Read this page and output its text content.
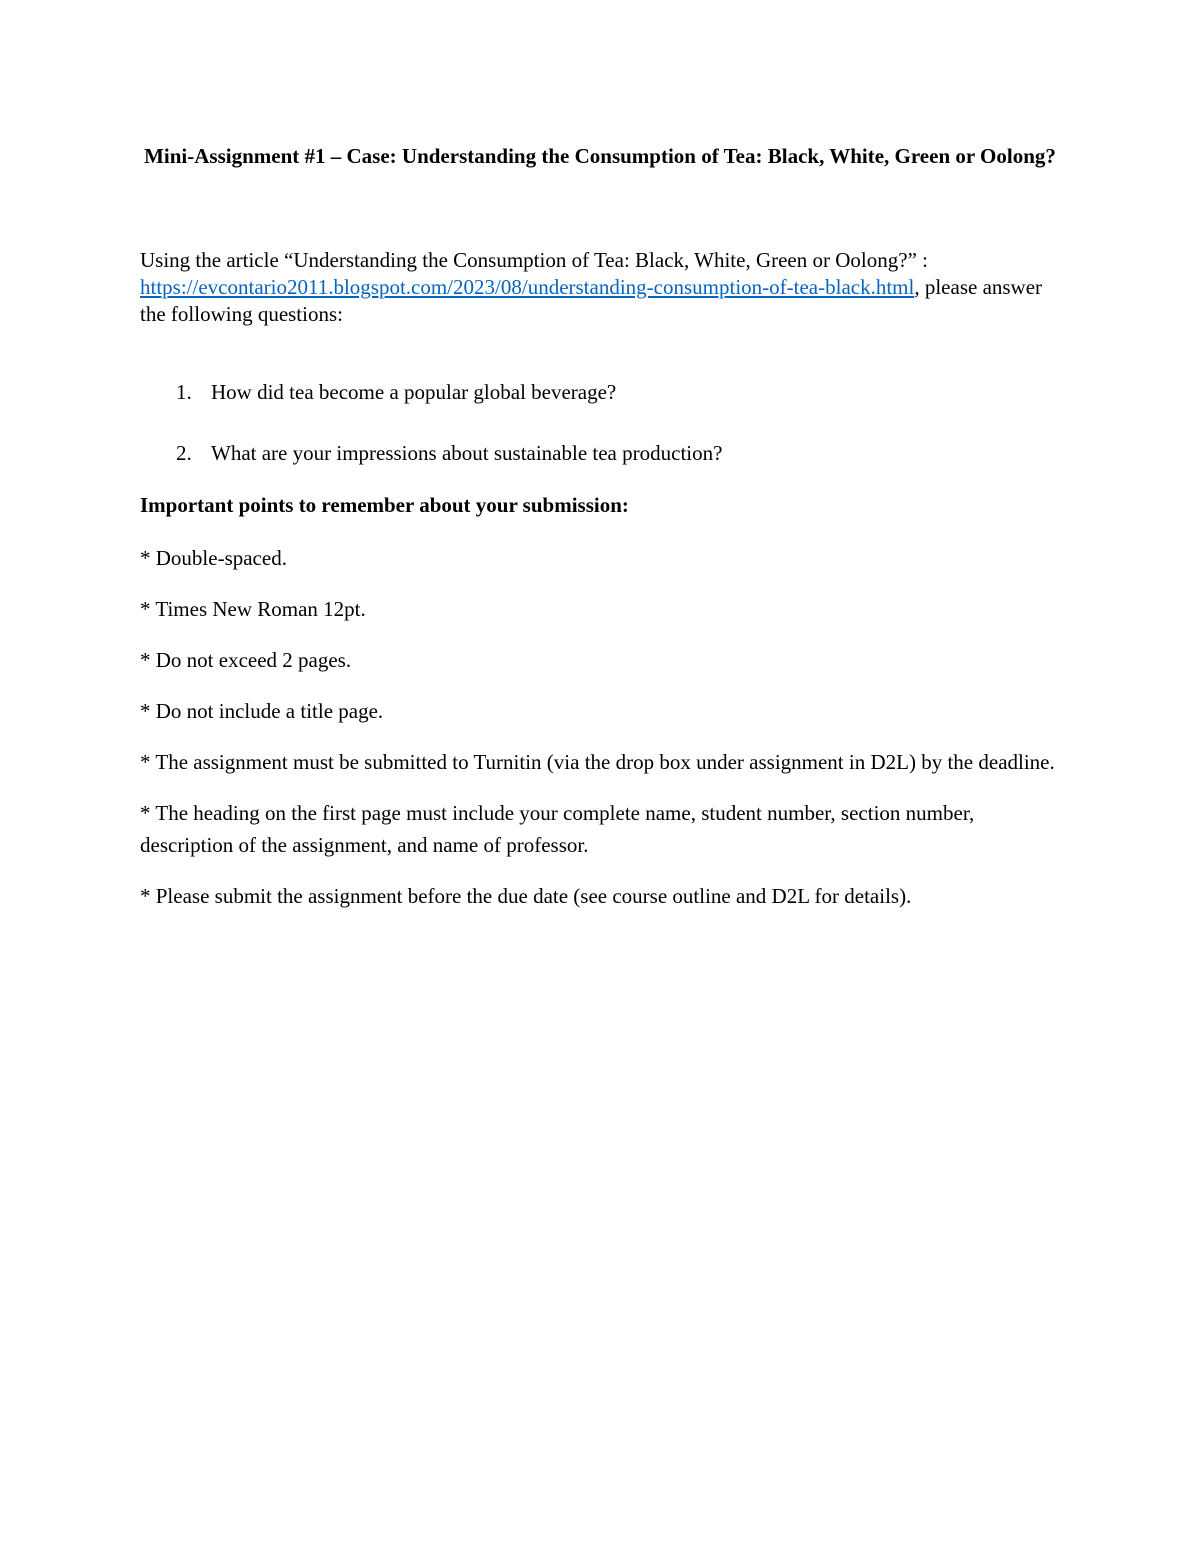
Mini-Assignment #1 – Case: Understanding the Consumption of Tea: Black, White, Green or Oolong?
Using the article “Understanding the Consumption of Tea: Black, White, Green or Oolong?” : https://evcontario2011.blogspot.com/2023/08/understanding-consumption-of-tea-black.html, please answer the following questions:
1. How did tea become a popular global beverage?
2. What are your impressions about sustainable tea production?
Important points to remember about your submission:
* Double-spaced.
* Times New Roman 12pt.
* Do not exceed 2 pages.
* Do not include a title page.
* The assignment must be submitted to Turnitin (via the drop box under assignment in D2L) by the deadline.
* The heading on the first page must include your complete name, student number, section number, description of the assignment, and name of professor.
* Please submit the assignment before the due date (see course outline and D2L for details).
